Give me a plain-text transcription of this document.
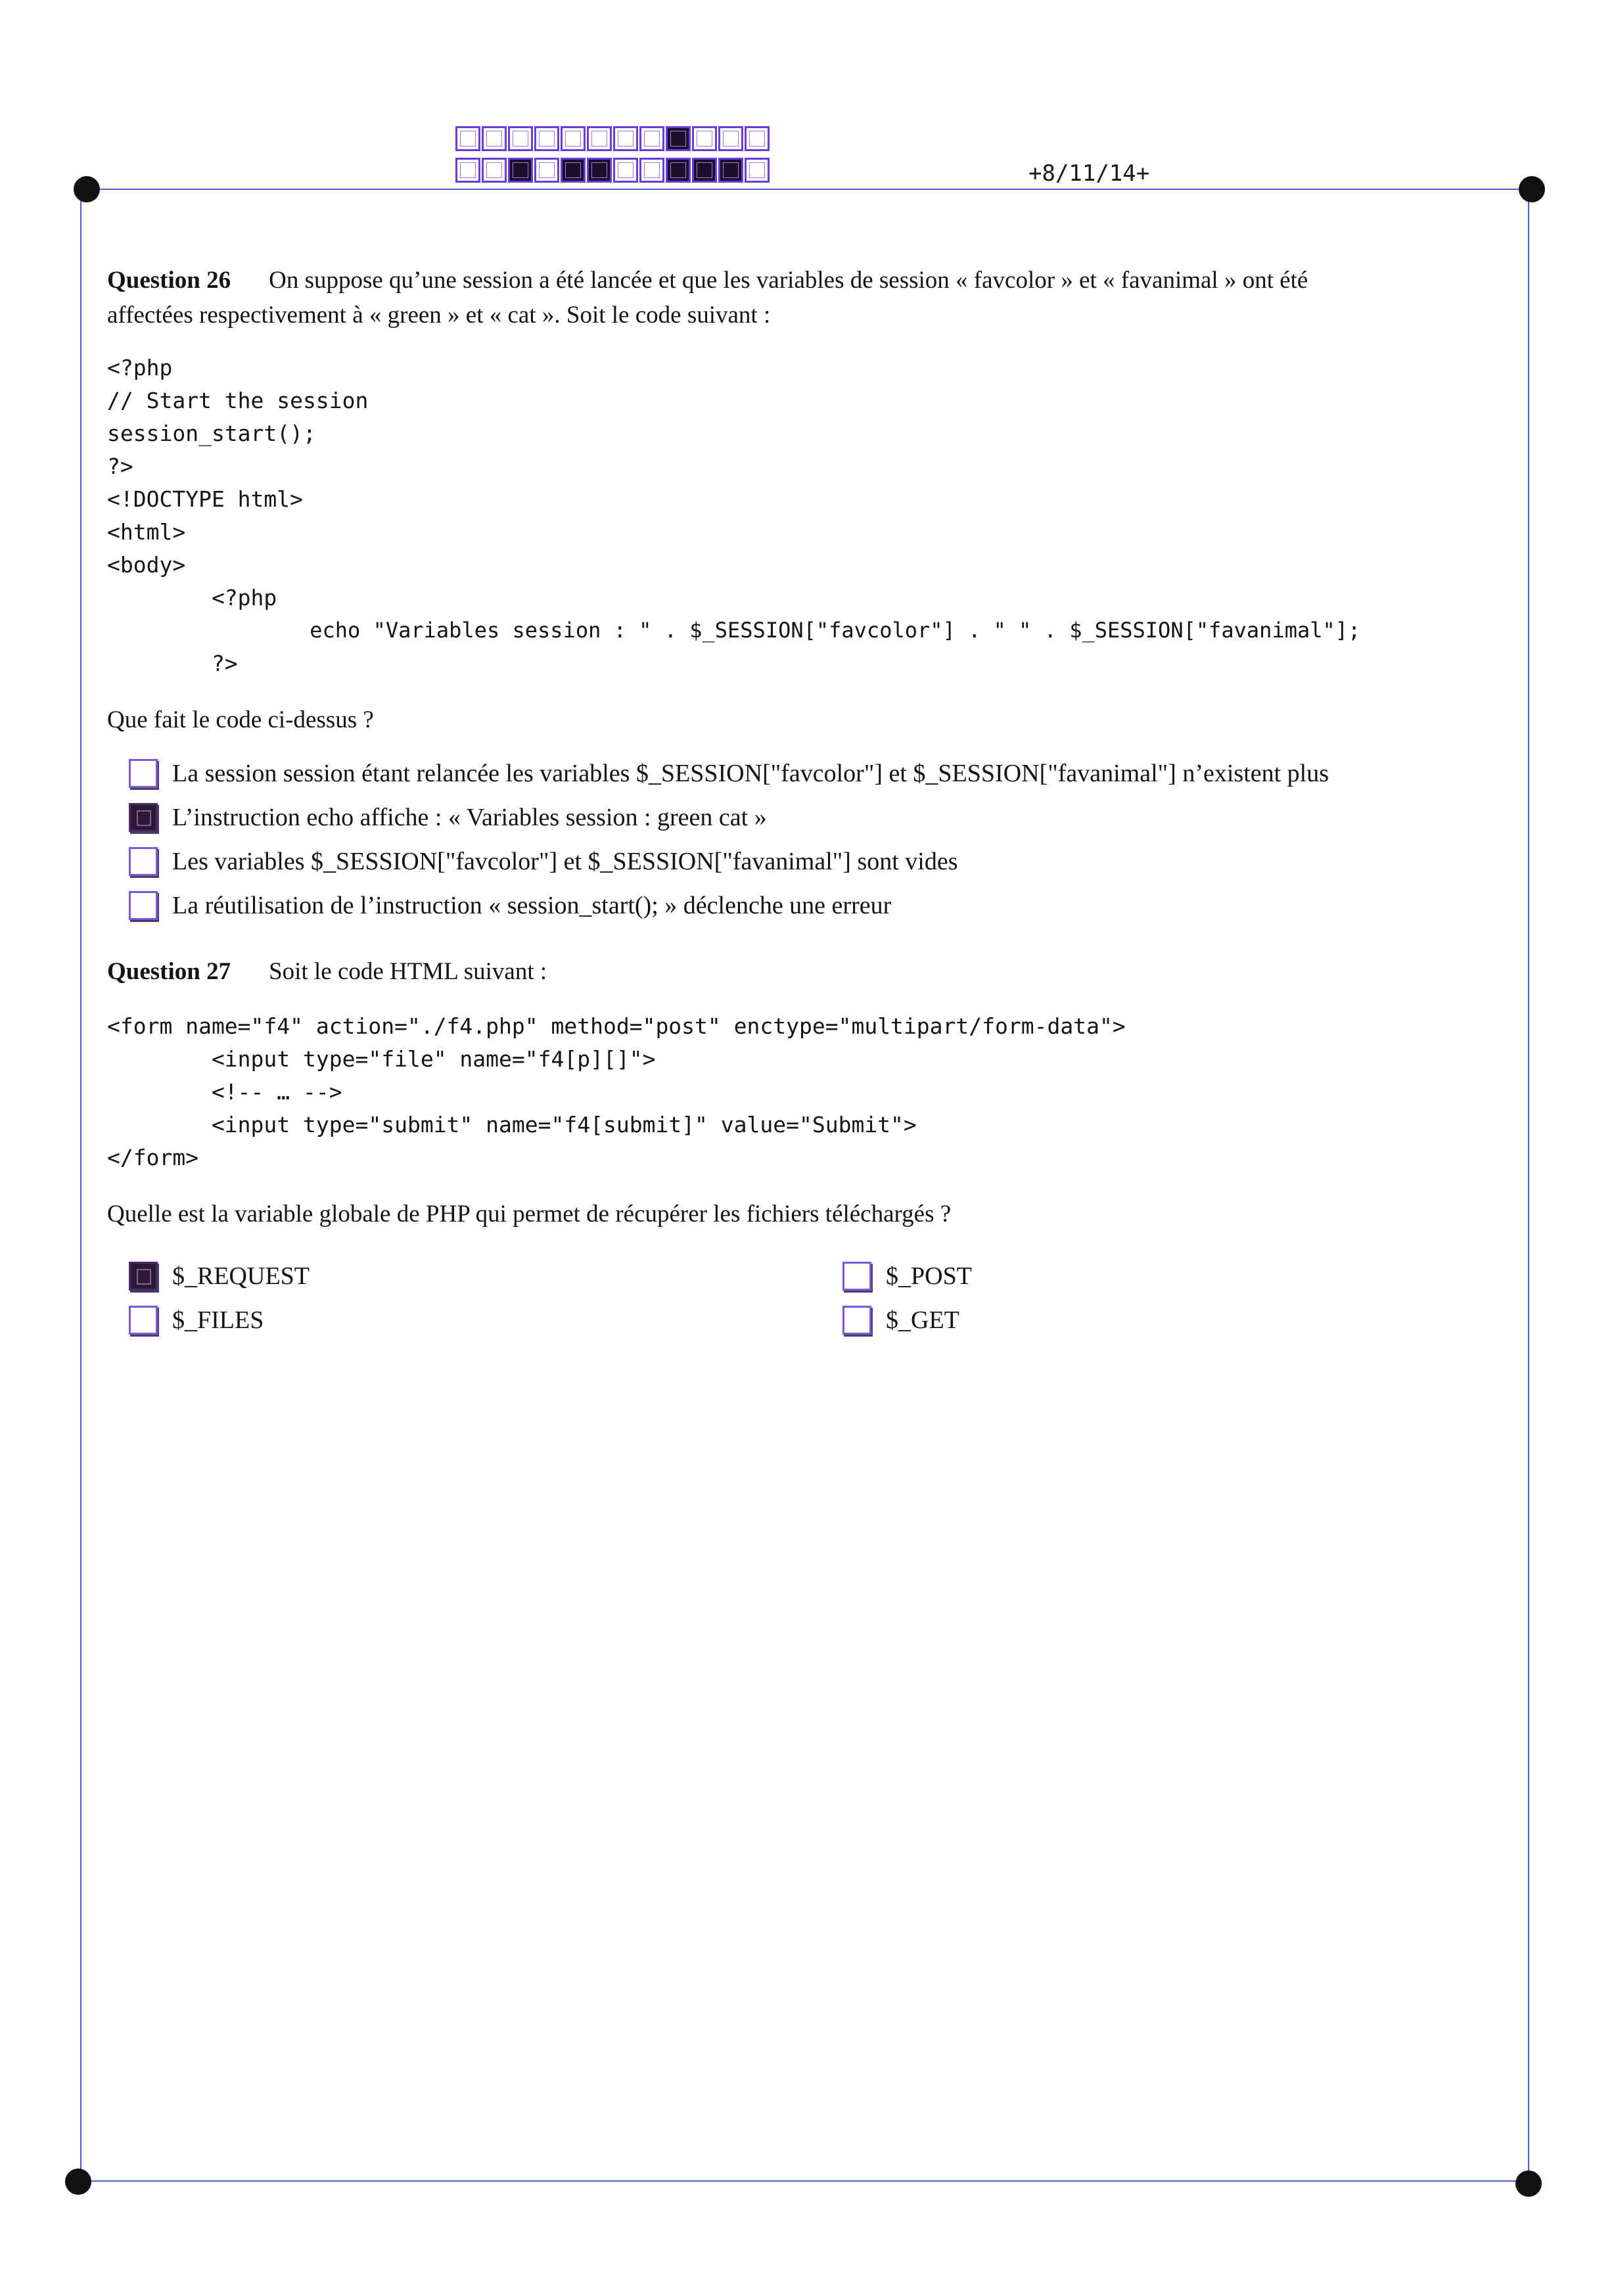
+8/11/14+
Question 26 On suppose qu’une session a été lancée et que les variables de session « favcolor » et « favanimal » ont été
affectées respectivement à « green » et « cat ». Soit le code suivant :
<?php
// Start the session
session_start();
?>
<!DOCTYPE html>
<html>
<body>
<?php
echo "Variables session : " . $_SESSION["favcolor"] . " " . $_SESSION["favanimal"];
?>
Que fait le code ci-dessus ?
La session session étant relancée les variables $_SESSION["favcolor"] et $_SESSION["favanimal"] n’existent plus
L’instruction echo affiche : « Variables session : green cat »
Les variables $_SESSION["favcolor"] et $_SESSION["favanimal"] sont vides
La réutilisation de l’instruction « session_start(); » déclenche une erreur
Question 27 Soit le code HTML suivant :
<form name="f4" action="./f4.php" method="post" enctype="multipart/form-data">
<input type="file" name="f4[p][]">
<!-- … -->
<input type="submit" name="f4[submit]" value="Submit">
</form>
Quelle est la variable globale de PHP qui permet de récupérer les fichiers téléchargés ?
$_REQUEST	$_POST
$_FILES	$_GET
